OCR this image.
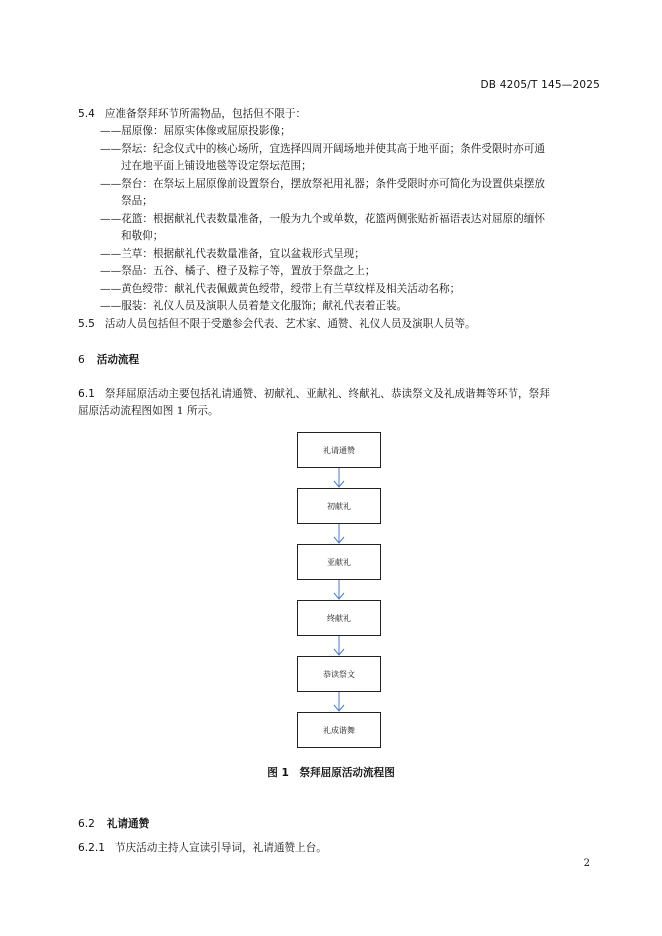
DB 4205/T 145—2025
5.4 应准备祭拜环节所需物品，包括但不限于：
——屈原像：屈原实体像或屈原投影像；
——祭坛：纪念仪式中的核心场所，宜选择四周开阔场地并使其高于地平面；条件受限时亦可通
过在地平面上铺设地毯等设定祭坛范围；
——祭台：在祭坛上屈原像前设置祭台，摆放祭祀用礼器；条件受限时亦可简化为设置供桌摆放
祭品；
——花篮：根据献礼代表数量准备，一般为九个或单数，花篮两侧张贴祈福语表达对屈原的缅怀
和敬仰；
——兰草：根据献礼代表数量准备，宜以盆栽形式呈现；
——祭品：五谷、橘子、橙子及粽子等，置放于祭盘之上；
——黄色绶带：献礼代表佩戴黄色绶带，绶带上有兰草纹样及相关活动名称；
——服装：礼仪人员及演职人员着楚文化服饰；献礼代表着正装。
5.5 活动人员包括但不限于受邀参会代表、艺术家、通赞、礼仪人员及演职人员等。
6 活动流程
6.1 祭拜屈原活动主要包括礼请通赞、初献礼、亚献礼、终献礼、恭读祭文及礼成谐舞等环节，祭拜
屈原活动流程图如图 1 所示。
礼请通赞
初献礼
亚献礼
终献礼
恭读祭文
礼成谐舞
图 1　祭拜屈原活动流程图
6.2 礼请通赞
6.2.1 节庆活动主持人宣读引导词，礼请通赞上台。
2
